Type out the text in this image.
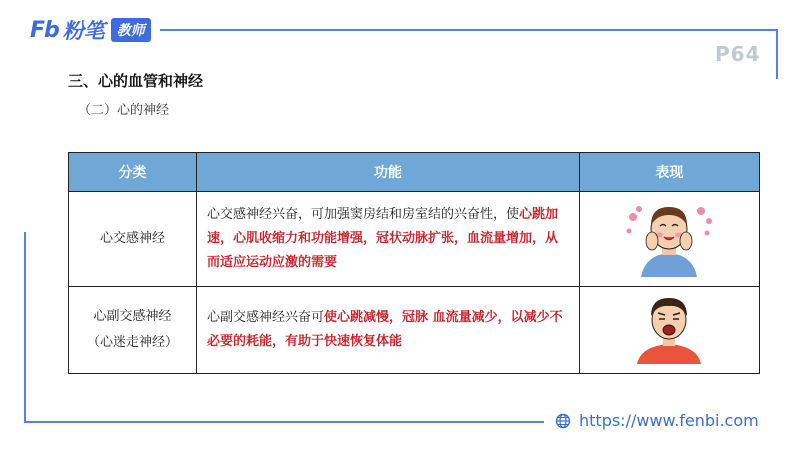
Fb 粉笔 教师
P64
三、心的血管和神经
（二）心的神经
分类	功能	表现
心交感神经	心交感神经兴奋，可加强窦房结和房室结的兴奋性，使心跳加速，心肌收缩力和功能增强，冠状动脉扩张，血流量增加，从而适应运动应激的需要	

心副交感神经
（心迷走神经）	心副交感神经兴奋可使心跳减慢，冠脉 血流量减少，以减少不必要的耗能，有助于快速恢复体能	
https://www.fenbi.com
